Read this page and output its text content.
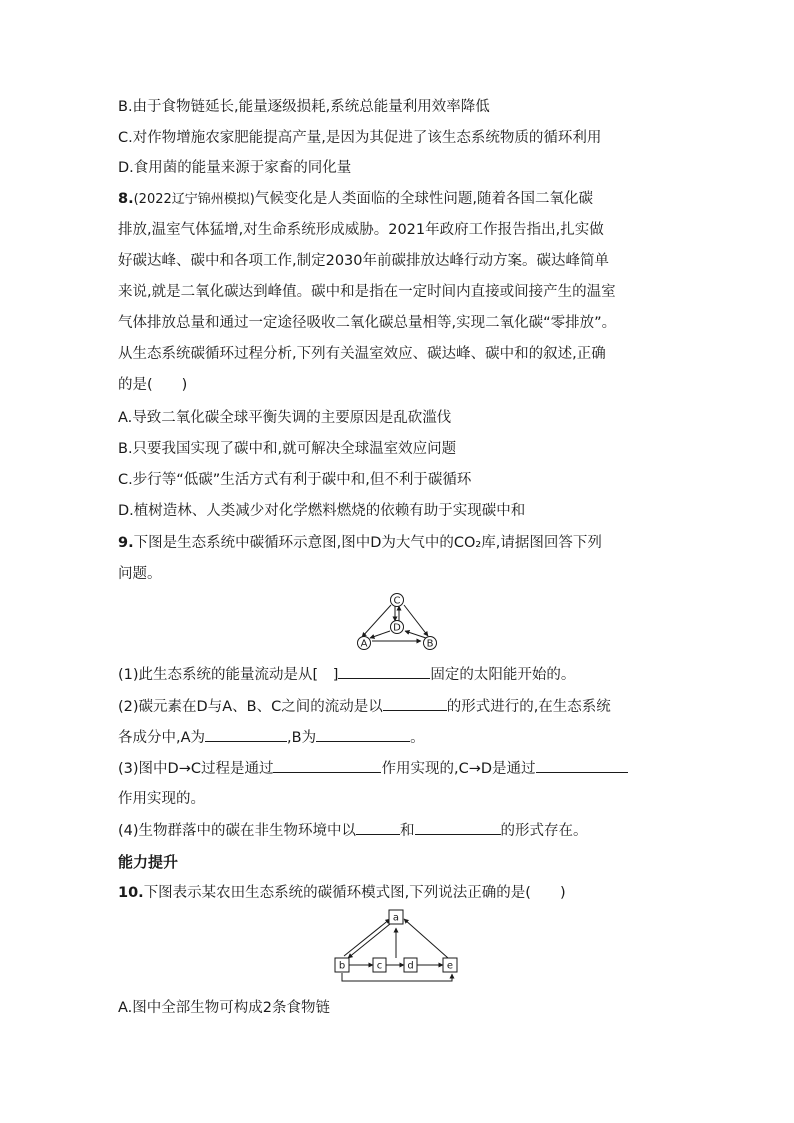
B.由于食物链延长,能量逐级损耗,系统总能量利用效率降低
C.对作物增施农家肥能提高产量,是因为其促进了该生态系统物质的循环利用
D.食用菌的能量来源于家畜的同化量
8.(2022辽宁锦州模拟)气候变化是人类面临的全球性问题,随着各国二氧化碳
排放,温室气体猛增,对生命系统形成威胁。2021年政府工作报告指出,扎实做
好碳达峰、碳中和各项工作,制定2030年前碳排放达峰行动方案。碳达峰简单
来说,就是二氧化碳达到峰值。碳中和是指在一定时间内直接或间接产生的温室
气体排放总量和通过一定途径吸收二氧化碳总量相等,实现二氧化碳“零排放”。
从生态系统碳循环过程分析,下列有关温室效应、碳达峰、碳中和的叙述,正确
的是(　　)
A.导致二氧化碳全球平衡失调的主要原因是乱砍滥伐
B.只要我国实现了碳中和,就可解决全球温室效应问题
C.步行等“低碳”生活方式有利于碳中和,但不利于碳循环
D.植树造林、人类减少对化学燃料燃烧的依赖有助于实现碳中和
9.下图是生态系统中碳循环示意图,图中D为大气中的CO₂库,请据图回答下列
问题。
C
D
A	B
(1)此生态系统的能量流动是从[　]	固定的太阳能开始的。
(2)碳元素在D与A、B、C之间的流动是以	的形式进行的,在生态系统
各成分中,A为	,B为	。
(3)图中D→C过程是通过	作用实现的,C→D是通过
作用实现的。
(4)生物群落中的碳在非生物环境中以	和	的形式存在。
能力提升
10.下图表示某农田生态系统的碳循环模式图,下列说法正确的是(　　)
a
b	c	d	e
A.图中全部生物可构成2条食物链
